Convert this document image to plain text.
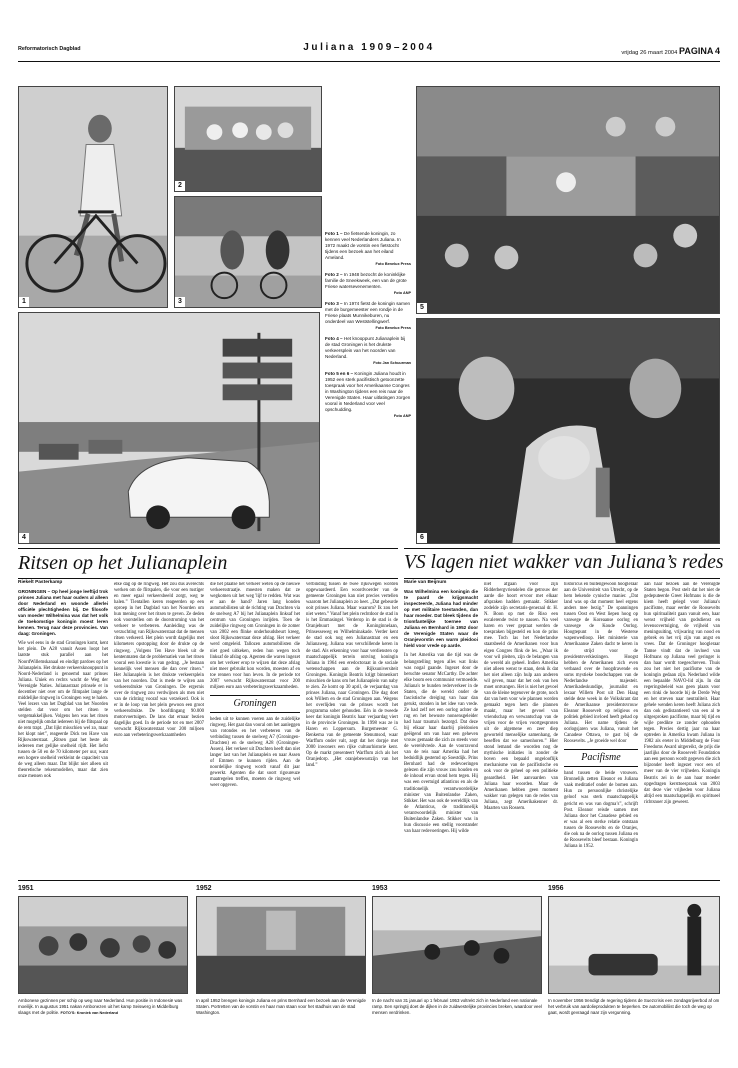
Reformatorisch Dagblad	Juliana 1909–2004	vrijdag 26 maart 2004 PAGINA 4
1
2
3

Foto 1 – De fietsende koningin, zo kennen veel Nederlanders Juliana. In 1972 maakt de vorstin een fietstocht tijdens een bezoek aan het eiland Ameland.
Foto Benelux Press

Foto 2 – In 1948 bezocht de koninklijke familie de Sneekweek, een van de grote Friese watersevenementen.
Foto ANP

Foto 3 – In 1974 fietst de koningin samen met de burgemeester een rondje in de Friese plaats Munnikeburen, nu onderdeel van Weststellingwerf.
Foto Benelux Press

Foto 4 – Het knooppunt Julianaplein bij de stad Groningen is het drukste verkeersplein van het noorden van Nederland.
Foto Jan Schuurman

Foto 5 en 6 – Koningin Juliana houdt in 1952 een sterk pacifistisch getoonzette toespraak voor het Amerikaanse Congres in Washington tijdens een reis naar de Verenigde Staten. Haar uitlatingen zorgen vooral in Nederland voor veel opschudding.
Foto ANP

4
5
6
Ritsen op het Julianaplein
Riekelt Pasterkamp

GRONINGEN – Op heel jonge leeftijd trok prinses Juliana met haar ouders al alleen door Nederland en woonde allerlei officiële plechtigheden bij. De filosofe van moeder Wilhelmina was dat het volk de toekomstige koningin moest leren kennen. Terug naar deze provincies. Van daag: Groningen.

Wie wel eens in de stad Groningen komt, kent het plein. De A28 vanuit Assen loopt het laatste stuk parallel aan het NoordWillemskanaal en eindigt pardoes op het Julianaplein. Het drukste verkeersknooppunt in Noord-Nederland is genoemd naar prinses Juliana. Uniek en rechts wacht de Weg der Verenigde Naties. Julianastraat prinsele er in december niet over om de filmpalet lange de middelijke ringweg in Groningen weg te halen. Veel lezers van het Dagblad van het Noorden stelden dat voor om het ritsen te vergemakkelijken. Volgens hen was het ritsen niet mogelijk omdat iedereen bij de flitspaal op de rem trapt. „Dat lijkt misschien wel zo, maar het klopt niet”, reageerde Dick ten Have van Rijkswaterstaat. „Ritsen gaat het beste als iedereen met gelijke snelheid rijdt. Het liefst tussen de 50 en de 70 kilometer per uur, want een hogere snelheid verkleint de capaciteit van de weg alleen maar. Dat blijkt niet alleen uit theoretische rekenmodellen, maar dat zien onze mensen ook

elke dag op de ringweg. Het zou dus averechts werken om de flitspalen, die voor een rustiger en meer egaal verkeersbeeld zorgt, weg te halen.” Tientallen keren reageerden op een oproep in het Dagblad van het Noorden om hun mening over het ritsen te geven. Ze deden ook voorstellen om de doorstroming van het verkeer te verbeteren. Aanleiding was de verzuchting van Rijkswaterstaat dat de mensen ritsen verkeerd. Het plein wordt dagelijks met kilometers opstopping door de drukte op de ringweg. „Volgens Ten Have bleek uit de kentenmaten dat de problematiek van het ritsen vooral een kwestie is van gedrag. „Je bestaan kennelijk veel mensen die dan over ritsen.” Het Julianaplein is het drukste verkeersplein van het noorden. Dat is mede te wijten aan verkeersdrukte van Groningen. De ergernis over de ringweg zou verdwijnen als men niet van de richting vooraf was verzekerd. Ook is er in de loop van het plein gewoon een groot verkeersdrukte. De hoofdingang 90.000 motorvoertuigen. De lans dat ernaar bezien dagelijks goed. In de periode tot en met 2007 verwacht Rijkswaterstaat voor 200 miljoen euro aan verbeteringswerkzaamheden

die het plaatse het verkeer weten op de nieuwe verkeersstraatje. moesten maken dat ze wegkomen uit het weg 'lijf te redden. Wat was er aan de hand? Jaren lang konden automobilisten uit de richting van Drachten via de snelweg A7 bij het Julianaplein linksaf het centrum van Groningen inrijden. Toen de zuidelijke ringweg om Groningen in de zomer van 2002 een flinke onderhoudsbeurt kreeg, sloot Rijkswaterstaat deze afslag. Het verkeer werd omgeleid. Tallozen automobilisten die niet goed uitkeken, reden hun wegen toch linksaf de afslag op. Agenten die waren ingezet om het verkeer erop te wijzen dat deze afslag niet meer gebruikt kon worden, moesten af en toe rennen voor hun leven. In de periode tot 2007 verwacht Rijkswaterstaat voor 200 miljoen euro aan verbeteringswerkzaamheden.

Groningen

heden uit te kunnen voeren aan de zuidelijke ringweg. Het gaat dan vooral om het aanleggen van rotondes en het verbeteren van de verbinding tussen de snelweg A7 (Groningen-Drachten) en de snelweg A28 (Groningen-Assen). Het verkeer uit Drachten heeft dan niet langer last van het Julianaplein en naar Assen of Emmen te kunnen rijden. Aan de noordelijke ringweg wordt vanaf dit jaar gewerkt. Agenten die dat soort rigoureuze maatregelen treffen, moeten de ringweg wel weer opgeven.

verbinding tussen de twee rijkswegen worden opgewaardeerd. Een woordvoerder van de gemeente Groningen kan niet precies vertellen waarom het Julianaplein zo heet. „Dat gebeurde ooit prinses Juliana. Maar waarom? Ik zou het niet weten.” Vanaf het plein rechtdoor de stad in is het Emmasingel. Verderop in de stad is de Oranjebuurt met de Koninginnelaan, Prinsesseweg en Wilhelminakade. Verder kent de stad ook nog een Julianastraat en een Julianaweg. Juliana was verschillende keren in de stad. Als erkenning voor haar verdiensten op maatschappelijk terrein ontving koningin Juliana in 1964 een eredoctoraat in de sociale wetenschappen aan de Rijksuniversiteit Groningen. Koningin Beatrix krijgt binnenkort misschien de kans om het Julianaplein van naby te zien. Ze komt op 30 april, de verjaardag van prinses Juliana, naar Groningen. Die dag doet ook Willem en de stad Groningen aan. Wegens het overlijden van de prinses wordt het programma sober gehouden. Eén in de tweede keer dat koningin Beatrix haar verjaardag viert in de provincie Groningen. In 1998 was ze in Haren en Loppersum. Burgemeester G. Renkema van de gemeente Stenumsod, waar Warffum onder valt, zegt dat het dorpje met 2000 inwoners een rijke cultuurhistorie kent. Op de markt presenteert Warffum zich als het Oranjedorp. „Het oranjebewustzijn van het land.”

VS lagen niet wakker van Juliana’s redes
Marie van Beijnum

Was Wilhelmina een koningin die te paard de krijgsmacht inspecteerde, Juliana had minder op met militaire toestanden, dan haar moeder. Dat bleek tijdens de triomfantelijke toernee van Juliana en Bernhard in 1952 door de Verenigde Staten waar de Oranjevorstin een warm pleidooi hield voor vrede op aarde.

In het Amerika van die tijd was de belangstelling tegen alles wat links was nogal gaande. Ingezet door de beruchte senator McCarthy. De achter elke boom een communist vermoedde. Juliana's te hunden rederverkeer in de Staten, die de wereld onder de fascistische dreiging van haar dan gerukt, stonden in het idee van vrede. Ze had zelf net een oorlog achter de rug en het bewuste nonsensgeleider had haar trauma's bezorgd. Dat deze bij elkaar haar daarbij pleidooien geëigend om van haar een geheven vrouw gemaakt die zich zo steeds voor de wereldvrede. Aan de voorravond van de reis naar Amerika had het beduidlijk gestemd op Soestdijk. Prins Bernhard had de redevoeringen gelezen die zijn vrouw zou houden en de inhoud ervan stond hem tegen. Hij was een overtuigd atlanticus en als de traditionelijk verantwoordelijke minister van Buitenlandse Zaken, Stikker. Het was ook de wereldlijk van de Atlanticus, de traditionelijk verantwoordelijk minister van Buitenlandse Zaken. Stikker was in hun discussie een stellig voorstander van haar redevoeringen. Hij wilde

niet afgaan voor zijn Ridderbergvriendelen die getrouw der aarde die hoort ervoor met elkaar afspraken hadden gemaakt. Stikker zodelde zijn secretaris-generaal dr. H. N. Boon op met de Riso een escalerende twist te nassen. Na veel haren en veer gepraat werden de toespraken bijgesteld en kon de prins mee. Toch las het Nederlandse staatsbeeld de Amerikanen voor hun eigen Congres flink de les. „Waar ik voor wil pleiten, zijn de belangen van de wereld als geheel. Indien Amerika niet alleen wenst te staan, denk ik dat het niet alleen zijn hulp aan anderen wil geven, maar dat het ook van hen moet ontvangen. Het is niet het gevoel van de kleine tegenover de grote, noch dat van hem voor wie plannen worden gemaakt tegen hem die plannen maakt, maar het gevoel van vriendschap en verwantschap van de vrijen voor de vrijen voortgesproten uit de algemene en zeer diep geworteld menselijke samenhang, de beseffen dat we samenhoren.” Hier stond lemand die woorden nog de mythische initiaties in zonder de boven een bepaald ongelooflijk mechanisme van de pacifistische en ook voor de geheel op een politieke geaardheid. Het aanvaarden van Juliana haar woorden. Maar de Amerikanen hebben geen moment wakker van gelegen van de redes van Juliana, zegt Amerikakenner dr. Maarten van Rossem.

historicus en buitengewoon hoogleraar aan de Universiteit van Utrecht, op de hem bekende cynische manier. „Dat land was op dat moment heel ergens anders mee bezig.” De spanningen tussen Oost en West liepen hoog op vanwege de Koreaanse oorlog en vanwege de Koude Oorlog. Hoogtepunt in de Westerse wapenwedloop. Het ministerie van Amerikaanse Zaken dacht te keren in de strijd voor de presidentsverkiezingen. Hoogst hebben de Amerikanen zich even verbaasd over de hoogdravende en soms mystieke boodschappen van de Nederlandse majesteit. Amerikadeskundige, journalist en lexaar Willem Post uit Den Haag stelde deze week in de Volkskrant dat de Amerikaanse presidentsvrouw Eleanor Roosevelt op religieus en politiek gebied invloed heeft gehad op Juliana. Het name tijdens de oorlogsjaren was Juliana, vanuit het Canadese Ottawa, te gast bij de Roosevelts. „Je groeide wel door

Pacifisme

band tussen de beide vrouwen. Bronnelijk zetten Eleanor en Juliana vaak meditatief onder de bomen aan. Hun zo persoonlijke christelijke geloof was sterk maatschappelijk gericht en was van dogma’s”, schrijft Post. Eleanor reisde samen met Juliana door het Canadese gebied en er was al een sterke relatie ontstaan tussen de Roosevelts en de Oranjes, die ook na de oorlog tussen Juliana en de Roosevelts bleef bestaan. Koningin Juliana in 1952.

aan haar bezoek aan de Verenigde Staten begon. Post stelt dat het niet de gedeputeerde Greet Hofmans is die de kiem heeft gelegd voor Juliana's pacifisme, maar eerder de Roosevelts hun spiritualiteit gaan vanuit een, haar wenst vrijheid van godsdienst en levensovertuiging, de vrijheid van meningsuiting, vrijwaring van nood en gebrek en het vrij zijn van angst en vrees. Dat de Groninger hoogleraar Tamse vindt dat de invloed van Hofmans op Juliana veel geringer is dan haar wordt toegeschreven. Thuis zou het niet het pacifisme van de koningin gedaan zijn. Nederland wilde een bepaalde NAVO-lid zijn. In dat regeringsbeleid was geen plaats voor een rinki de hoorde bij de Derde Weg en het streven naar neutraliteit. Haar gehele wenden keren heeft Juliana zich dan ook gedistantieerd van een al te uitgesproken pacifisme, maar bij tijd en wijle predikte ze zonder ophouden tegen. Precies dertig jaar na haar optreden in Amerika kwam Juliana in 1982 als ereter in Middelburg de Four Freedoms Award uitgereikt, de prijs die jaarlijks door de Roosevelt Foundation aan een persoon wordt gegeven die zich bijzonder heeft ingezet voor een of meer van de vier vrijheden. Koningin Beatrix zei in de aan haar moeder opgedragen kersttoespraak van 2003 dat deze vier vrijheden voor Juliana altijd een maatschappelijk en spiritueel richtsnoer zijn geweest.

1951
Ambonese gezinnen per schip op weg naar Nederland. Hun positie in Indonesië was moeilijk. In augustus 1951 nakan Ambonezen uit het kamp Seiswerg in Middelburg slaags met de politie. FOTO'S: Kroniek van Nederland
1952
In april 1952 brengen koningin Juliana en prins Bernhard een bezoek aan de Verenigde Staten. Portretten van de vorstin en haar man staan voor het stadhuis van de stad Washington.
1953
In de nacht van 31 januari op 1 februari 1953 voltrekt zich in Nederland een nationale ramp. Een springtij doet de dijken in de zuidwestelijke provincies breken, waardoor veel mensen verdrinken.
1956
In november 1956 trendigt de regering tijdens de Suezcrisis een zondagsrijverbod af om het verbruik van aardolieprodukten te beperken. De automobiliist die toch de weg op gaat, wordt gevraagd naar zijn vergunning.
